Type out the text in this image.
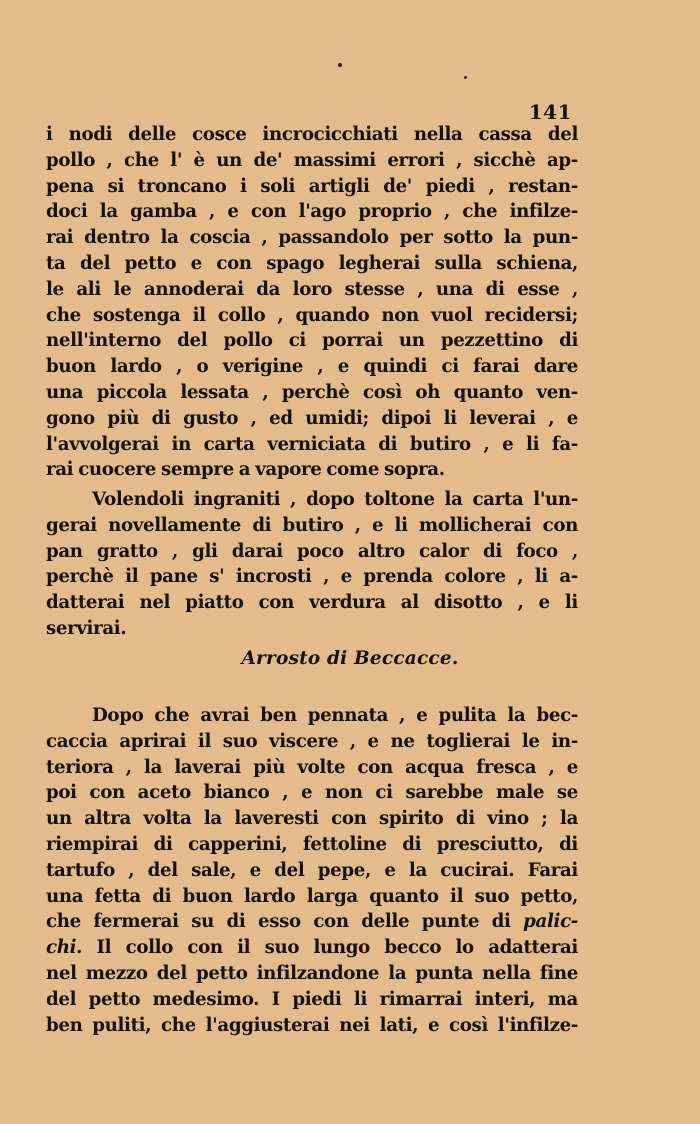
141
i nodi delle cosce incrocicchiati nella cassa del
pollo , che l' è un de' massimi errori , sicchè ap-
pena si troncano i soli artigli de' piedi , restan-
doci la gamba , e con l'ago proprio , che infilze-
rai dentro la coscia , passandolo per sotto la pun-
ta del petto e con spago legherai sulla schiena,
le ali le annoderai da loro stesse , una di esse ,
che sostenga il collo , quando non vuol recidersi;
nell'interno del pollo ci porrai un pezzettino di
buon lardo , o verigine , e quindi ci farai dare
una piccola lessata , perchè così oh quanto ven-
gono più di gusto , ed umidi; dipoi li leverai , e
l'avvolgerai in carta verniciata di butiro , e li fa-
rai cuocere sempre a vapore come sopra.
Volendoli ingraniti , dopo toltone la carta l'un-
gerai novellamente di butiro , e li mollicherai con
pan gratto , gli darai poco altro calor di foco ,
perchè il pane s' incrosti , e prenda colore , li a-
datterai nel piatto con verdura al disotto , e li
servirai.
Arrosto di Beccacce.
Dopo che avrai ben pennata , e pulita la bec-
caccia aprirai il suo viscere , e ne toglierai le in-
teriora , la laverai più volte con acqua fresca , e
poi con aceto bianco , e non ci sarebbe male se
un altra volta la laveresti con spirito di vino ; la
riempirai di capperini, fettoline di presciutto, di
tartufo , del sale, e del pepe, e la cucirai. Farai
una fetta di buon lardo larga quanto il suo petto,
che fermerai su di esso con delle punte di palic-
chi. Il collo con il suo lungo becco lo adatterai
nel mezzo del petto infilzandone la punta nella fine
del petto medesimo. I piedi li rimarrai interi, ma
ben puliti, che l'aggiusterai nei lati, e così l'infilze-
